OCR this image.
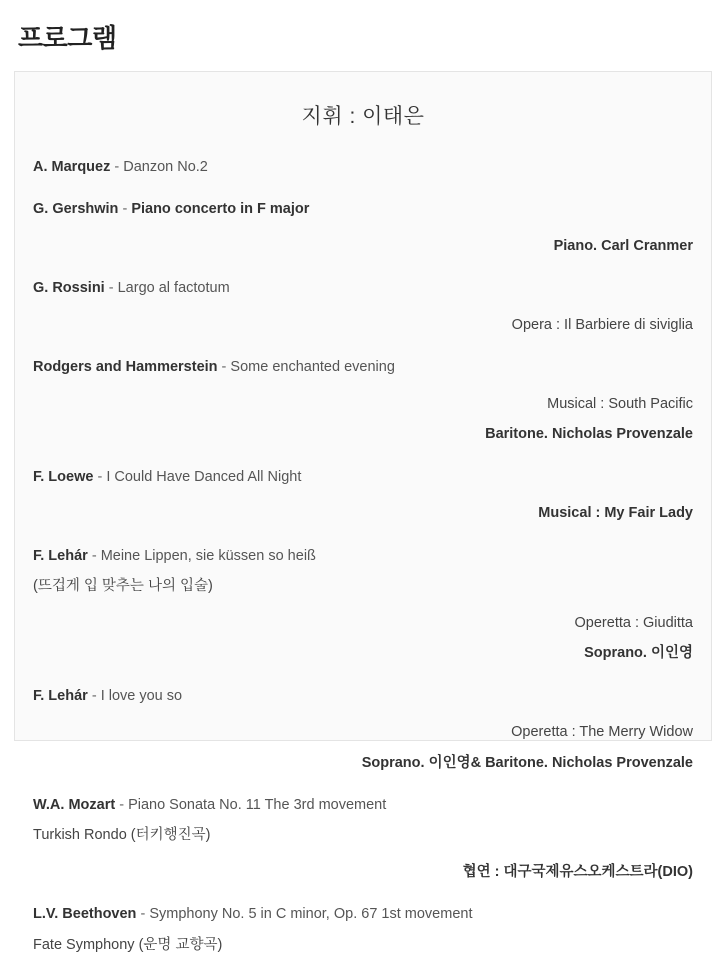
프로그램
지휘 : 이태은
A. Marquez - Danzon No.2
G. Gershwin - Piano concerto in F major
Piano. Carl Cranmer
G. Rossini - Largo al factotum
Opera : Il Barbiere di siviglia
Rodgers and Hammerstein - Some enchanted evening
Musical : South Pacific
Baritone. Nicholas Provenzale
F. Loewe - I Could Have Danced All Night
Musical : My Fair Lady
F. Lehár - Meine Lippen, sie küssen so heiß
(뜨겁게 입 맞추는 나의 입술)
Operetta : Giuditta
Soprano. 이인영
F. Lehár - I love you so
Operetta : The Merry Widow
Soprano. 이인영& Baritone. Nicholas Provenzale
W.A. Mozart - Piano Sonata No. 11 The 3rd movement
Turkish Rondo (터키행진곡)
협연 : 대구국제유스오케스트라(DIO)
L.V. Beethoven - Symphony No. 5 in C minor, Op. 67 1st movement
Fate Symphony (운명 교향곡)
